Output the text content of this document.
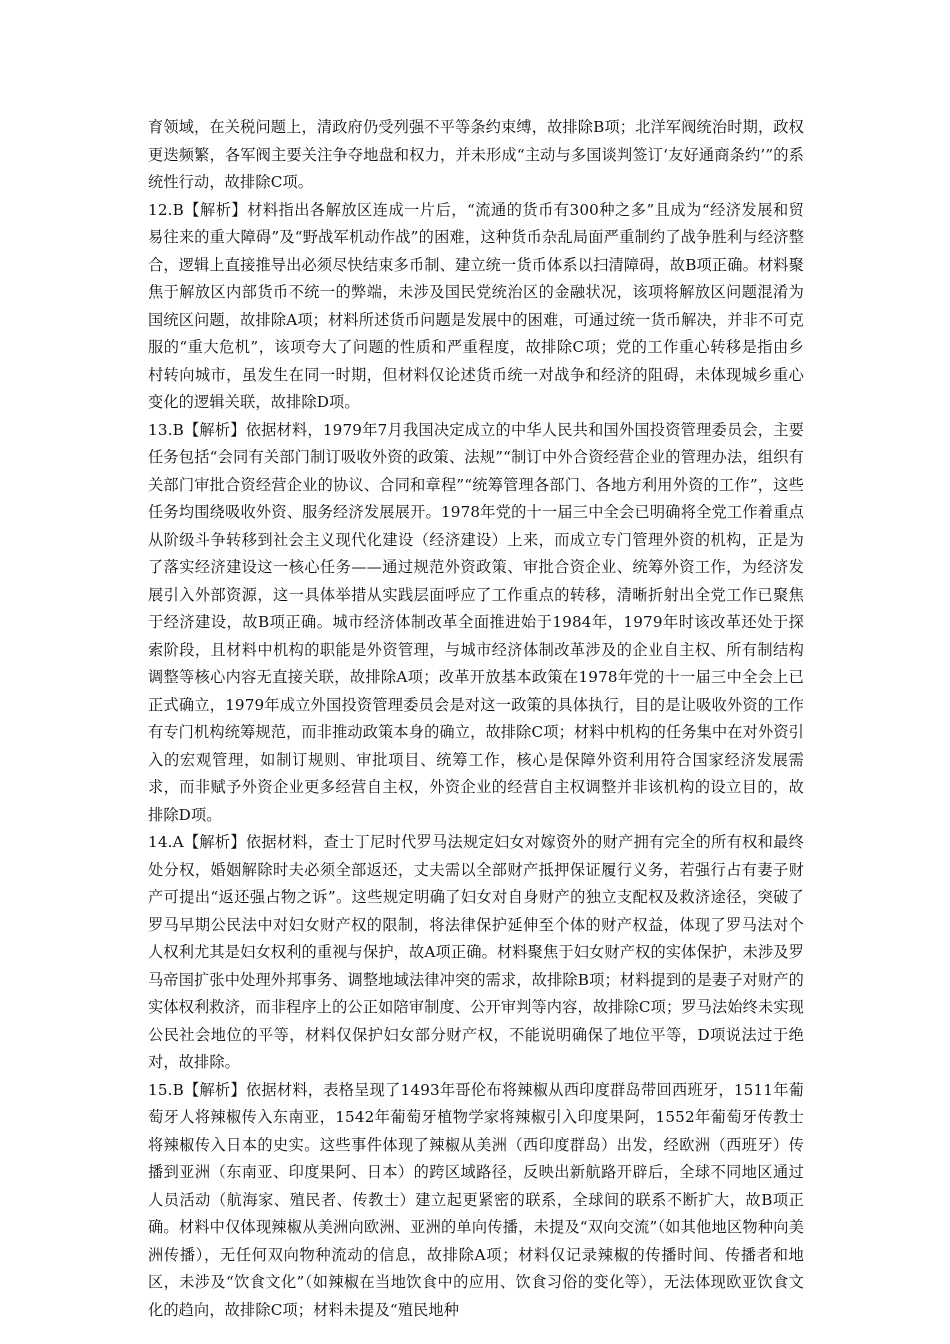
育领域，在关税问题上，清政府仍受列强不平等条约束缚，故排除B项；北洋军阀统治时期，政权更迭频繁，各军阀主要关注争夺地盘和权力，并未形成“主动与多国谈判签订‘友好通商条约’”的系统性行动，故排除C项。

12.B【解析】材料指出各解放区连成一片后，“流通的货币有300种之多”且成为“经济发展和贸易往来的重大障碍”及“野战军机动作战”的困难，这种货币杂乱局面严重制约了战争胜利与经济整合，逻辑上直接推导出必须尽快结束多币制、建立统一货币体系以扫清障碍，故B项正确。材料聚焦于解放区内部货币不统一的弊端，未涉及国民党统治区的金融状况，该项将解放区问题混淆为国统区问题，故排除A项；材料所述货币问题是发展中的困难，可通过统一货币解决，并非不可克服的“重大危机”，该项夸大了问题的性质和严重程度，故排除C项；党的工作重心转移是指由乡村转向城市，虽发生在同一时期，但材料仅论述货币统一对战争和经济的阻碍，未体现城乡重心变化的逻辑关联，故排除D项。

13.B【解析】依据材料，1979年7月我国决定成立的中华人民共和国外国投资管理委员会，主要任务包括“会同有关部门制订吸收外资的政策、法规”“制订中外合资经营企业的管理办法，组织有关部门审批合资经营企业的协议、合同和章程”“统筹管理各部门、各地方利用外资的工作”，这些任务均围绕吸收外资、服务经济发展展开。1978年党的十一届三中全会已明确将全党工作着重点从阶级斗争转移到社会主义现代化建设（经济建设）上来，而成立专门管理外资的机构，正是为了落实经济建设这一核心任务——通过规范外资政策、审批合资企业、统筹外资工作，为经济发展引入外部资源，这一具体举措从实践层面呼应了工作重点的转移，清晰折射出全党工作已聚焦于经济建设，故B项正确。城市经济体制改革全面推进始于1984年，1979年时该改革还处于探索阶段，且材料中机构的职能是外资管理，与城市经济体制改革涉及的企业自主权、所有制结构调整等核心内容无直接关联，故排除A项；改革开放基本政策在1978年党的十一届三中全会上已正式确立，1979年成立外国投资管理委员会是对这一政策的具体执行，目的是让吸收外资的工作有专门机构统筹规范，而非推动政策本身的确立，故排除C项；材料中机构的任务集中在对外资引入的宏观管理，如制订规则、审批项目、统筹工作，核心是保障外资利用符合国家经济发展需求，而非赋予外资企业更多经营自主权，外资企业的经营自主权调整并非该机构的设立目的，故排除D项。

14.A【解析】依据材料，查士丁尼时代罗马法规定妇女对嫁资外的财产拥有完全的所有权和最终处分权，婚姻解除时夫必须全部返还，丈夫需以全部财产抵押保证履行义务，若强行占有妻子财产可提出“返还强占物之诉”。这些规定明确了妇女对自身财产的独立支配权及救济途径，突破了罗马早期公民法中对妇女财产权的限制，将法律保护延伸至个体的财产权益，体现了罗马法对个人权利尤其是妇女权利的重视与保护，故A项正确。材料聚焦于妇女财产权的实体保护，未涉及罗马帝国扩张中处理外邦事务、调整地域法律冲突的需求，故排除B项；材料提到的是妻子对财产的实体权利救济，而非程序上的公正如陪审制度、公开审判等内容，故排除C项；罗马法始终未实现公民社会地位的平等，材料仅保护妇女部分财产权，不能说明确保了地位平等，D项说法过于绝对，故排除。

15.B【解析】依据材料，表格呈现了1493年哥伦布将辣椒从西印度群岛带回西班牙，1511年葡萄牙人将辣椒传入东南亚，1542年葡萄牙植物学家将辣椒引入印度果阿，1552年葡萄牙传教士将辣椒传入日本的史实。这些事件体现了辣椒从美洲（西印度群岛）出发，经欧洲（西班牙）传播到亚洲（东南亚、印度果阿、日本）的跨区域路径，反映出新航路开辟后，全球不同地区通过人员活动（航海家、殖民者、传教士）建立起更紧密的联系，全球间的联系不断扩大，故B项正确。材料中仅体现辣椒从美洲向欧洲、亚洲的单向传播，未提及“双向交流”（如其他地区物种向美洲传播），无任何双向物种流动的信息，故排除A项；材料仅记录辣椒的传播时间、传播者和地区，未涉及“饮食文化”（如辣椒在当地饮食中的应用、饮食习俗的变化等），无法体现欧亚饮食文化的趋向，故排除C项；材料未提及“殖民地种
